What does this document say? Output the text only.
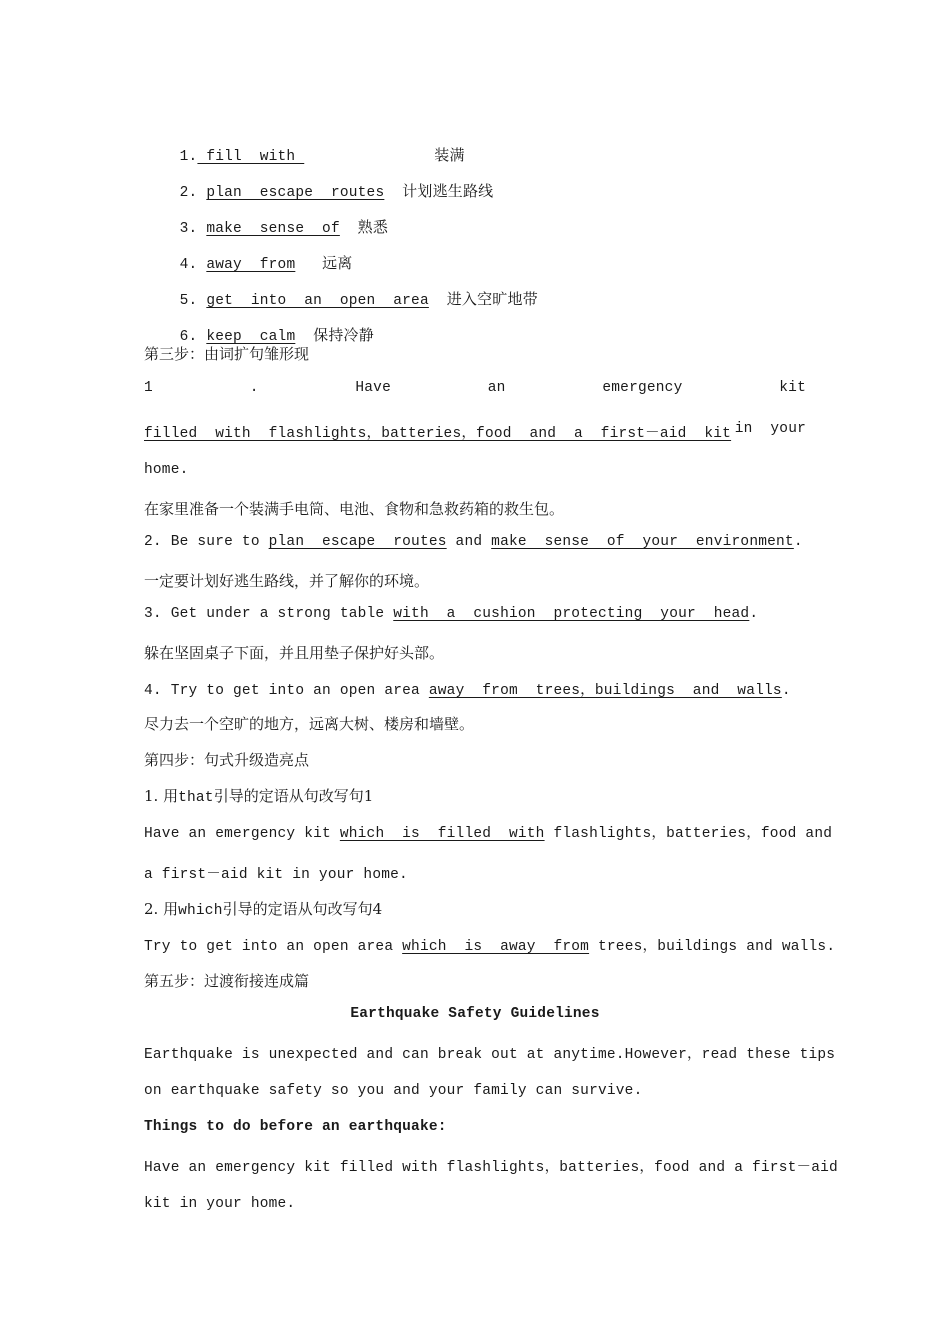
1. fill  with	装满

2. plan  escape  routes 计划逃生路线

3. make  sense  of 熟悉

4. away  from 远离

5. get  into  an  open  area 进入空旷地带

6. keep  calm 保持冷静

第三步：由词扩句雏形现
1	.	Have	an	emergency	kit
filled  with  flashlights，batteries，food  and  a  first－aid  kit in  your
home.
在家里准备一个装满手电筒、电池、食物和急救药箱的救生包。
2. Be sure to plan  escape  routes and make  sense  of  your  environment.
一定要计划好逃生路线，并了解你的环境。
3. Get under a strong table with  a  cushion  protecting  your  head.
躲在坚固桌子下面，并且用垫子保护好头部。
4. Try to get into an open area away  from  trees，buildings  and  walls.
尽力去一个空旷的地方，远离大树、楼房和墙壁。
第四步：句式升级造亮点
1. 用that引导的定语从句改写句1
Have an emergency kit which  is  filled  with flashlights，batteries，food and
a first－aid kit in your home.
2. 用which引导的定语从句改写句4
Try to get into an open area which  is  away  from trees，buildings and walls.
第五步：过渡衔接连成篇
Earthquake Safety Guidelines
Earthquake is unexpected and can break out at anytime.However，read these tips
on earthquake safety so you and your family can survive.
Things to do before an earthquake:
Have an emergency kit filled with flashlights，batteries，food and a first－aid
kit in your home.
